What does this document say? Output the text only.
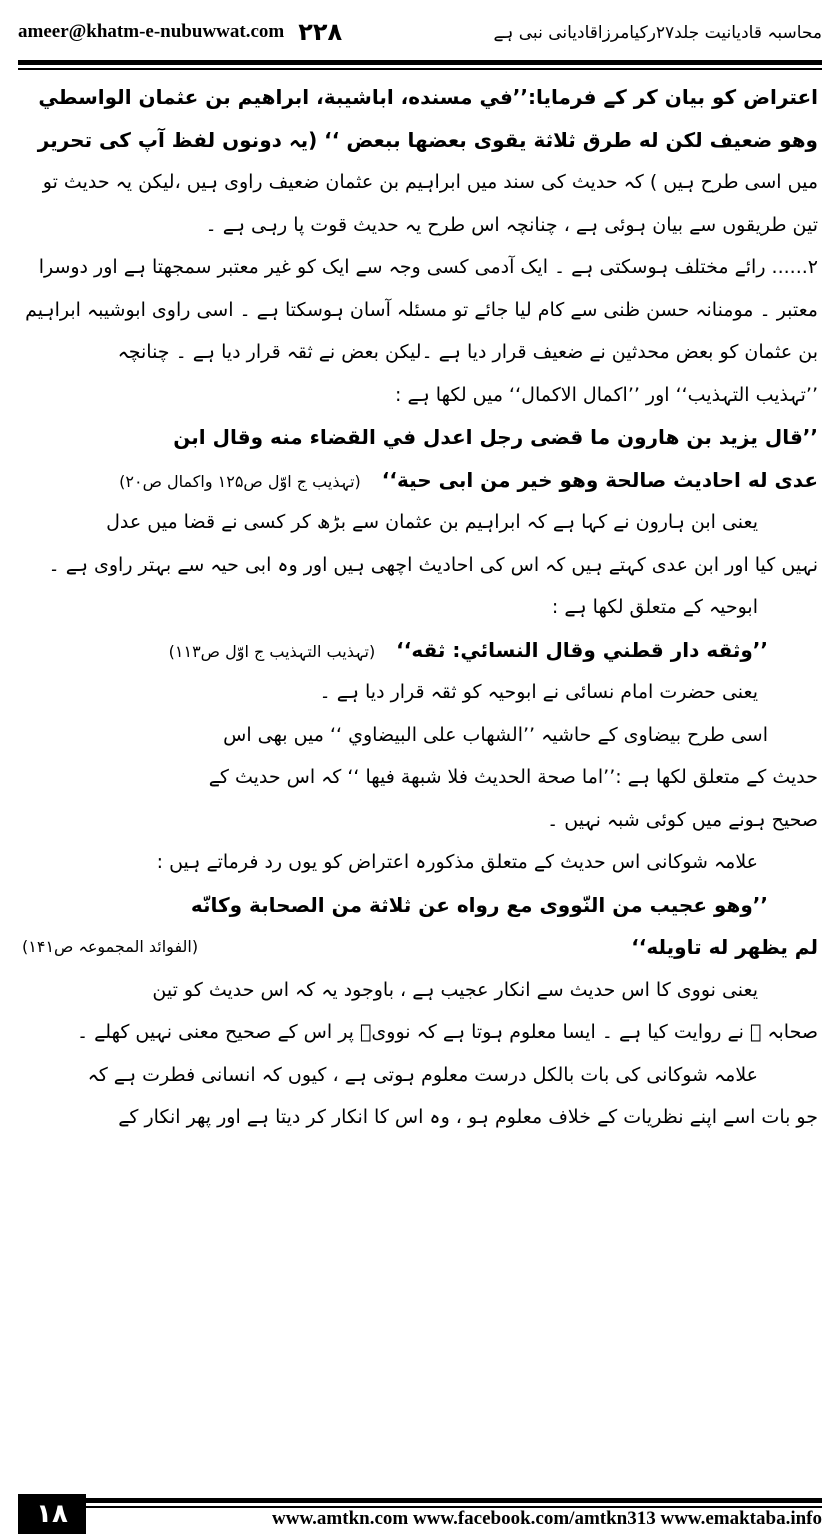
ameer@khatm-e-nubuwwat.com ۲۲۸	محاسبہ قادیانیت جلد۲۷رکیامرزاقادیانی نبی ہے
اعتراض کو بیان کر کے فرمایا:’’في مسنده، اباشيبة، ابراهيم بن عثمان الواسطي
وهو ضعيف لكن له طرق ثلاثة يقوى بعضها ببعض ‘‘ (یہ دونوں لفظ آپ کی تحریر
میں اسی طرح ہیں ) کہ حدیث کی سند میں ابراہیم بن عثمان ضعیف راوی ہیں ،لیکن یہ حدیث تو
تین طریقوں سے بیان ہوئی ہے ، چنانچہ اس طرح یہ حدیث قوت پا رہی ہے ۔
۲...... رائے مختلف ہوسکتی ہے ۔ ایک آدمی کسی وجہ سے ایک کو غیر معتبر سمجھتا ہے اور دوسرا
معتبر ۔ مومنانہ حسن ظنی سے کام لیا جائے تو مسئلہ آسان ہوسکتا ہے ۔ اسی راوی ابوشیبہ ابراہیم
بن عثمان کو بعض محدثین نے ضعیف قرار دیا ہے ۔لیکن بعض نے ثقہ قرار دیا ہے ۔ چنانچہ
’’تہذیب التہذیب‘‘ اور ’’اکمال الاکمال‘‘ میں لکھا ہے :
’’قال يزيد بن هارون ما قضى رجل اعدل في القضاء منه وقال ابن
عدى له احاديث صالحة وهو خير من ابى حية‘‘ (تہذیب ج اوّل ص۱۲۵ واکمال ص۲۰)
یعنی ابن ہارون نے کہا ہے کہ ابراہیم بن عثمان سے بڑھ کر کسی نے قضا میں عدل
نہیں کیا اور ابن عدی کہتے ہیں کہ اس کی احادیث اچھی ہیں اور وہ ابی حیہ سے بہتر راوی ہے ۔
ابوحیہ کے متعلق لکھا ہے :
’’وثقه دار قطني وقال النسائي: ثقه‘‘ (تہذیب التہذیب ج اوّل ص۱۱۳)
یعنی حضرت امام نسائی نے ابوحیہ کو ثقہ قرار دیا ہے ۔
اسی طرح بیضاوی کے حاشیہ ’’الشهاب على البيضاوي ‘‘ میں بھی اس
حدیث کے متعلق لکھا ہے :’’اما صحة الحديث فلا شبهة فيها ‘‘ کہ اس حدیث کے
صحیح ہونے میں کوئی شبہ نہیں ۔
علامہ شوکانی اس حدیث کے متعلق مذکورہ اعتراض کو یوں رد فرماتے ہیں :
’’وهو عجيب من النّووى مع رواه عن ثلاثة من الصحابة وكانّه
لم يظهر له تاويله‘‘
(الفوائد المجموعہ ص۱۴۱)
یعنی نووی کا اس حدیث سے انکار عجیب ہے ، باوجود یہ کہ اس حدیث کو تین
صحابہ ؓ نے روایت کیا ہے ۔ ایسا معلوم ہوتا ہے کہ نوویؒ پر اس کے صحیح معنی نہیں کھلے ۔
علامہ شوکانی کی بات بالکل درست معلوم ہوتی ہے ، کیوں کہ انسانی فطرت ہے کہ
جو بات اسے اپنے نظریات کے خلاف معلوم ہو ، وہ اس کا انکار کر دیتا ہے اور پھر انکار کے
۱۸	www.amtkn.com www.facebook.com/amtkn313 www.emaktaba.info
